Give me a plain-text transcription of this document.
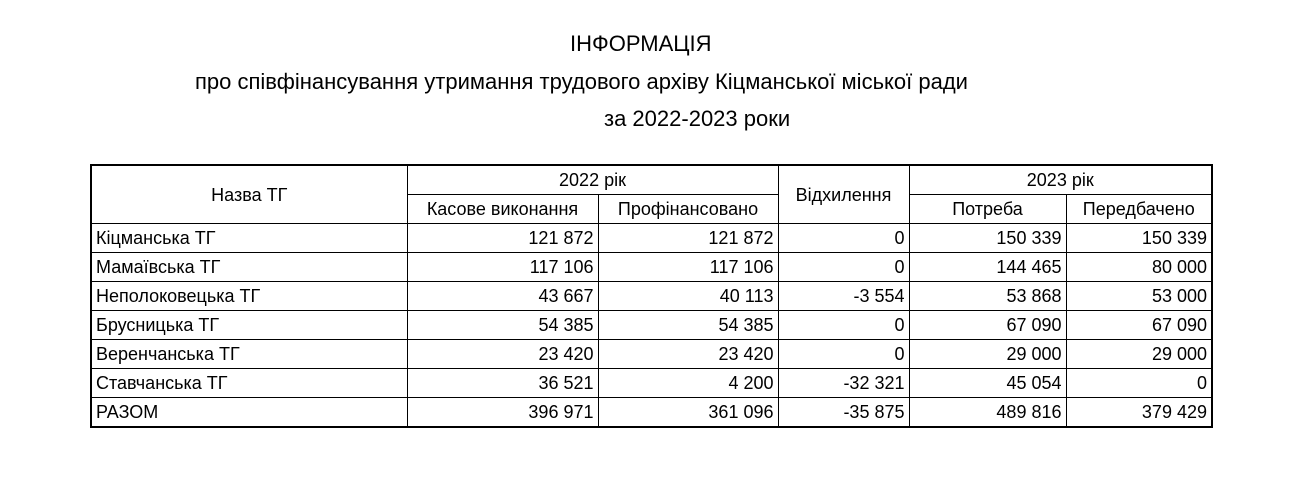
ІНФОРМАЦІЯ
про співфінансування утримання трудового архіву Кіцманської міської ради
за 2022-2023 роки
Назва ТГ	2022 рік		Відхилення	2023 рік	
	Касове виконання	Профінансовано		Потреба	Передбачено
Кіцманська ТГ	121 872	121 872	0	150 339	150 339
Мамаївська ТГ	117 106	117 106	0	144 465	80 000
Неполоковецька ТГ	43 667	40 113	-3 554	53 868	53 000
Брусницька ТГ	54 385	54 385	0	67 090	67 090
Веренчанська ТГ	23 420	23 420	0	29 000	29 000
Ставчанська ТГ	36 521	4 200	-32 321	45 054	0
РАЗОМ	396 971	361 096	-35 875	489 816	379 429
